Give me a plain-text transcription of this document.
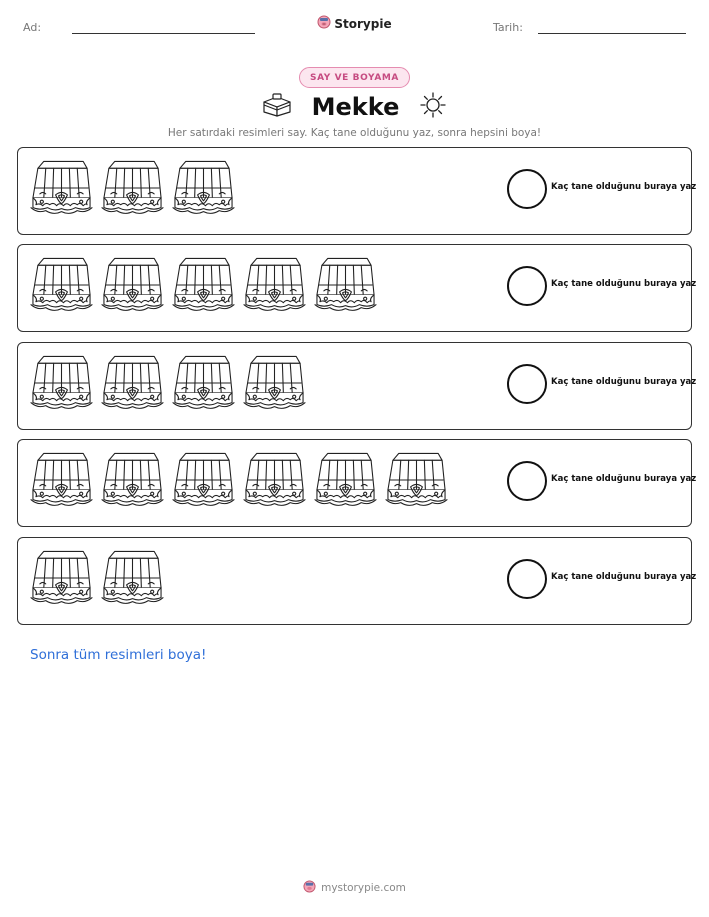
Ad:	Storypie	Tarih:
SAY VE BOYAMA
Mekke
Her satırdaki resimleri say. Kaç tane olduğunu yaz, sonra hepsini boya!
Kaç tane olduğunu buraya yaz
Kaç tane olduğunu buraya yaz
Kaç tane olduğunu buraya yaz
Kaç tane olduğunu buraya yaz
Kaç tane olduğunu buraya yaz
Sonra tüm resimleri boya!
mystorypie.com
